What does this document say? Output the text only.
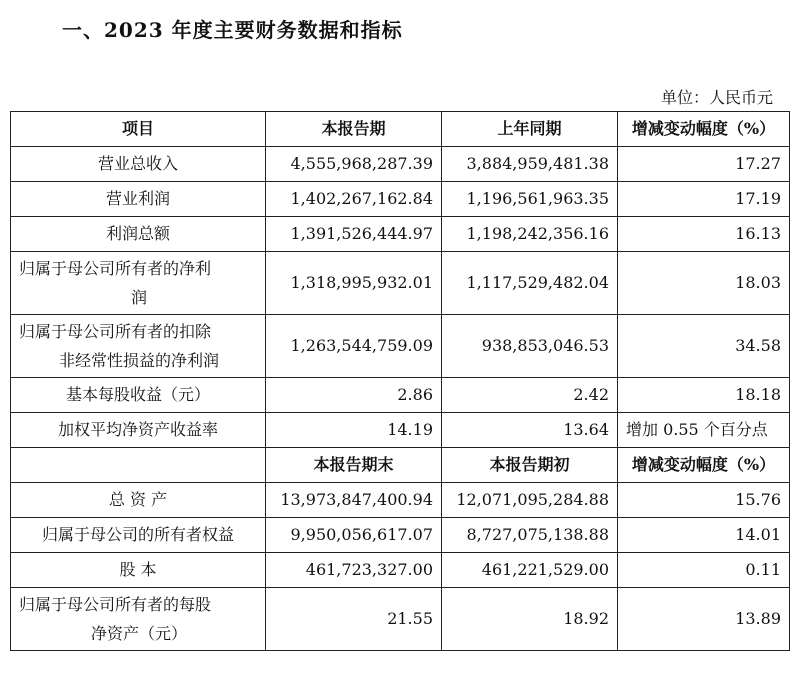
一、2023 年度主要财务数据和指标
单位：人民币元
项目	本报告期	上年同期	增减变动幅度（%）
营业总收入	4,555,968,287.39	3,884,959,481.38	17.27
营业利润	1,402,267,162.84	1,196,561,963.35	17.19
利润总额	1,391,526,444.97	1,198,242,356.16	16.13
归属于母公司所有者的净利
润	1,318,995,932.01	1,117,529,482.04	18.03
归属于母公司所有者的扣除
非经常性损益的净利润	1,263,544,759.09	938,853,046.53	34.58
基本每股收益（元）	2.86	2.42	18.18
加权平均净资产收益率	14.19	13.64	增加 0.55 个百分点
	本报告期末	本报告期初	增减变动幅度（%）
总 资 产	13,973,847,400.94	12,071,095,284.88	15.76
归属于母公司的所有者权益	9,950,056,617.07	8,727,075,138.88	14.01
股 本	461,723,327.00	461,221,529.00	0.11
归属于母公司所有者的每股
净资产（元）	21.55	18.92	13.89
